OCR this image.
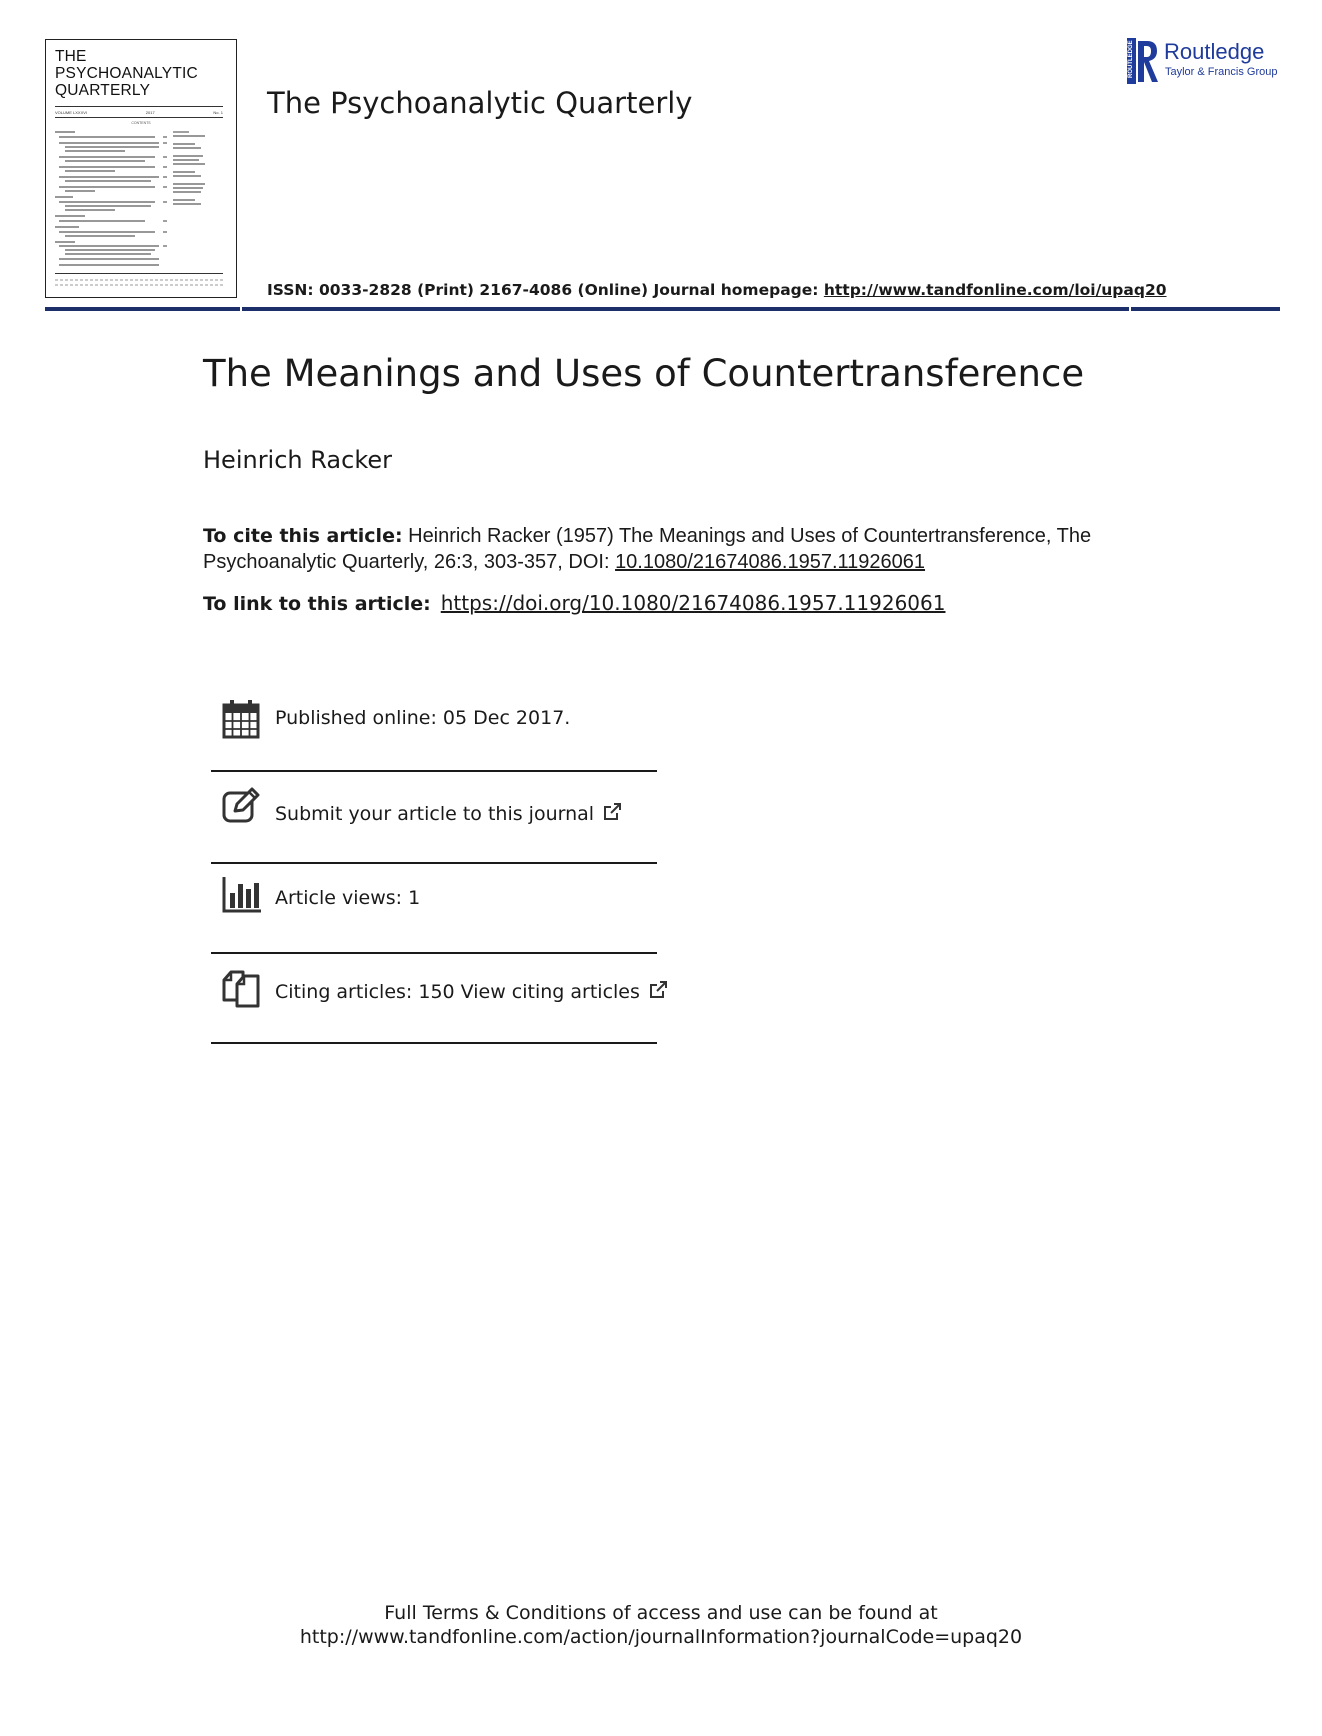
THE
PSYCHOANALYTIC
QUARTERLY
VOLUME LXXXVI	2017	No. 1
CONTENTS
The Psychoanalytic Quarterly
ROUTLEDGE Routledge
Taylor & Francis Group
ISSN: 0033-2828 (Print) 2167-4086 (Online) Journal homepage: http://www.tandfonline.com/loi/upaq20
The Meanings and Uses of Countertransference
Heinrich Racker
To cite this article: Heinrich Racker (1957) The Meanings and Uses of Countertransference, The Psychoanalytic Quarterly, 26:3, 303-357, DOI: 10.1080/21674086.1957.11926061
To link to this article: https://doi.org/10.1080/21674086.1957.11926061
Published online: 05 Dec 2017.
Submit your article to this journal
Article views: 1
Citing articles: 150 View citing articles
Full Terms & Conditions of access and use can be found at
http://www.tandfonline.com/action/journalInformation?journalCode=upaq20
